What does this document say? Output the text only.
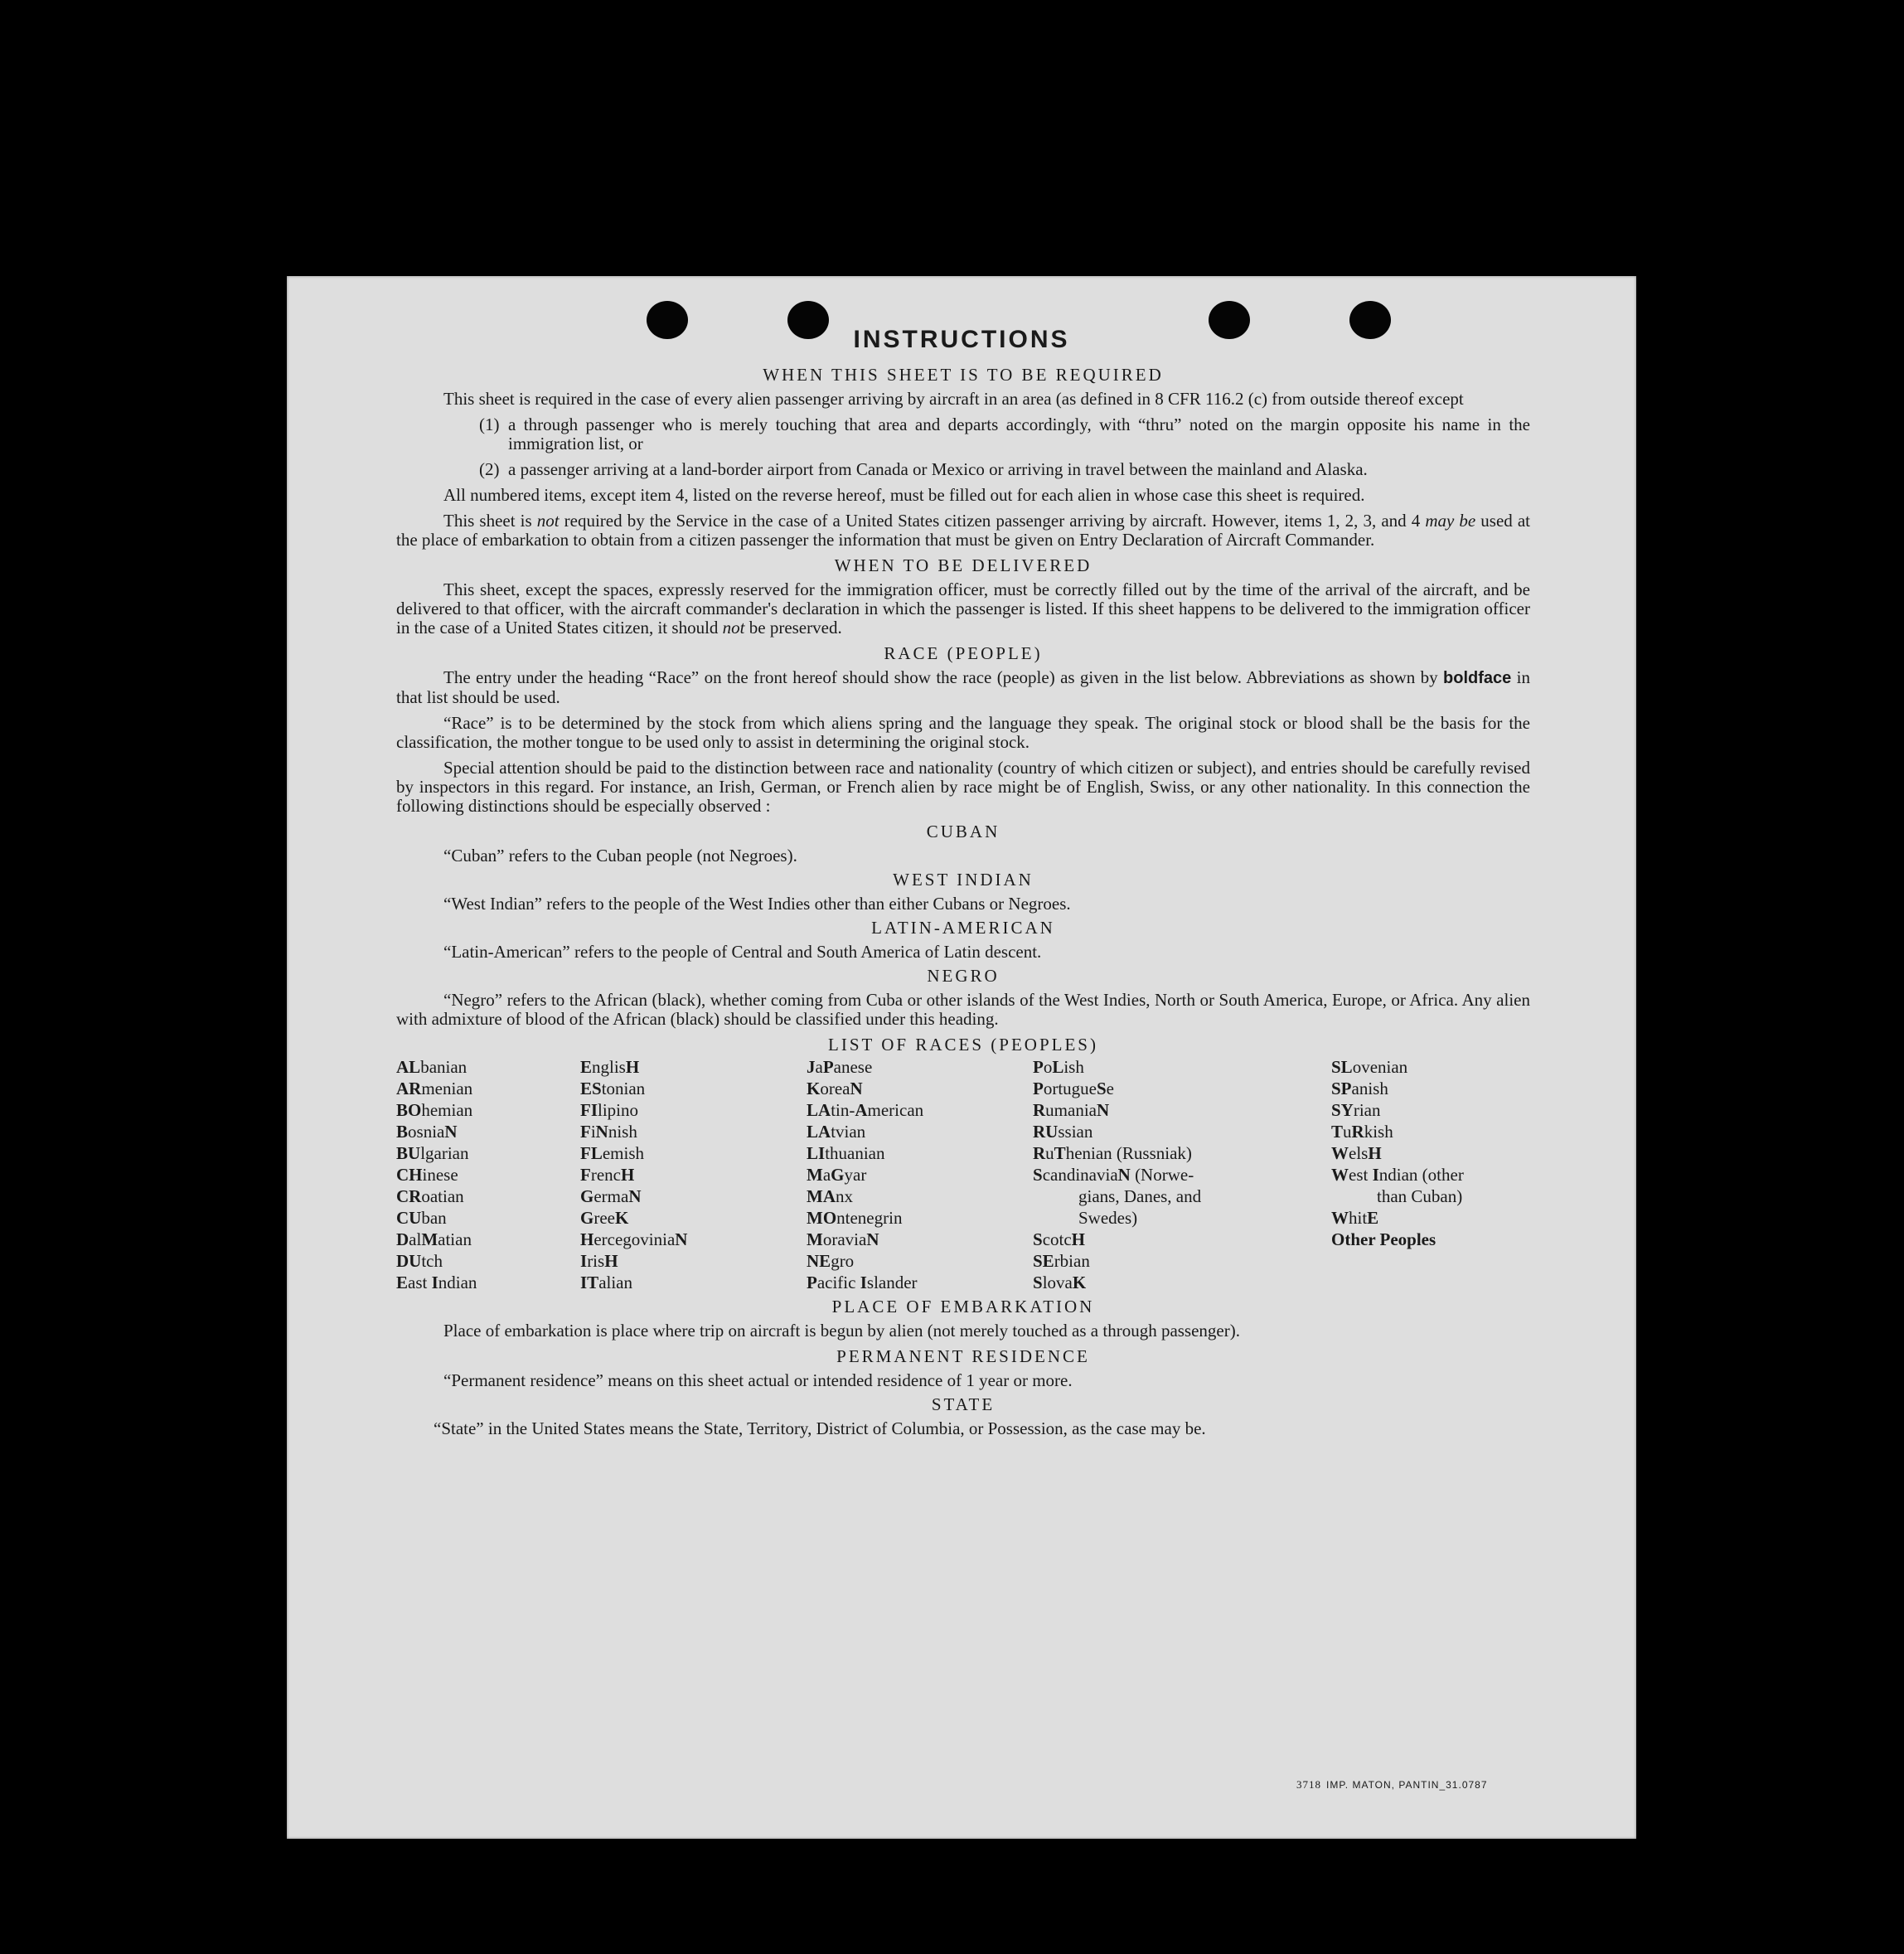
INSTRUCTIONS
WHEN THIS SHEET IS TO BE REQUIRED

This sheet is required in the case of every alien passenger arriving by aircraft in an area (as defined in 8 CFR 116.2 (c) from outside thereof except

(1) a through passenger who is merely touching that area and departs accordingly, with “thru” noted on the margin opposite his name in the immigration list, or

(2) a passenger arriving at a land-border airport from Canada or Mexico or arriving in travel between the mainland and Alaska.

All numbered items, except item 4, listed on the reverse hereof, must be filled out for each alien in whose case this sheet is required.

This sheet is not required by the Service in the case of a United States citizen passenger arriving by aircraft. However, items 1, 2, 3, and 4 may be used at the place of embarkation to obtain from a citizen passenger the information that must be given on Entry Declaration of Aircraft Commander.

WHEN TO BE DELIVERED

This sheet, except the spaces, expressly reserved for the immigration officer, must be correctly filled out by the time of the arrival of the aircraft, and be delivered to that officer, with the aircraft commander's declaration in which the passenger is listed. If this sheet happens to be delivered to the immigration officer in the case of a United States citizen, it should not be preserved.

RACE (PEOPLE)

The entry under the heading “Race” on the front hereof should show the race (people) as given in the list below. Abbreviations as shown by boldface in that list should be used.

“Race” is to be determined by the stock from which aliens spring and the language they speak. The original stock or blood shall be the basis for the classification, the mother tongue to be used only to assist in determining the original stock.

Special attention should be paid to the distinction between race and nationality (country of which citizen or subject), and entries should be carefully revised by inspectors in this regard. For instance, an Irish, German, or French alien by race might be of English, Swiss, or any other nationality. In this connection the following distinctions should be especially observed :

CUBAN

“Cuban” refers to the Cuban people (not Negroes).

WEST INDIAN

“West Indian” refers to the people of the West Indies other than either Cubans or Negroes.

LATIN-AMERICAN

“Latin-American” refers to the people of Central and South America of Latin descent.

NEGRO

“Negro” refers to the African (black), whether coming from Cuba or other islands of the West Indies, North or South America, Europe, or Africa. Any alien with admixture of blood of the African (black) should be classified under this heading.

LIST OF RACES (PEOPLES)
ALbanian
ARmenian
BOhemian
BosniaN
BUlgarian
CHinese
CRoatian
CUban
DalMatian
DUtch
East Indian
EnglisH
EStonian
FIlipino
FiNnish
FLemish
FrencH
GermaN
GreeK
HercegoviniaN
IrisH
ITalian
JaPanese
KoreaN
LAtin-American
LAtvian
LIthuanian
MaGyar
MAnx
MOntenegrin
MoraviaN
NEgro
Pacific Islander
PoLish
PortugueSe
RumaniaN
RUssian
RuThenian (Russniak)
ScandinaviaN (Norwe-
gians, Danes, and
Swedes)
ScotcH
SErbian
SlovaK
SLovenian
SPanish
SYrian
TuRkish
WelsH
West Indian (other
than Cuban)
WhitE
Other Peoples
PLACE OF EMBARKATION

Place of embarkation is place where trip on aircraft is begun by alien (not merely touched as a through passenger).

PERMANENT RESIDENCE

“Permanent residence” means on this sheet actual or intended residence of 1 year or more.

STATE

“State” in the United States means the State, Territory, District of Columbia, or Possession, as the case may be.

3718 IMP. MATON, PANTIN_31.0787
